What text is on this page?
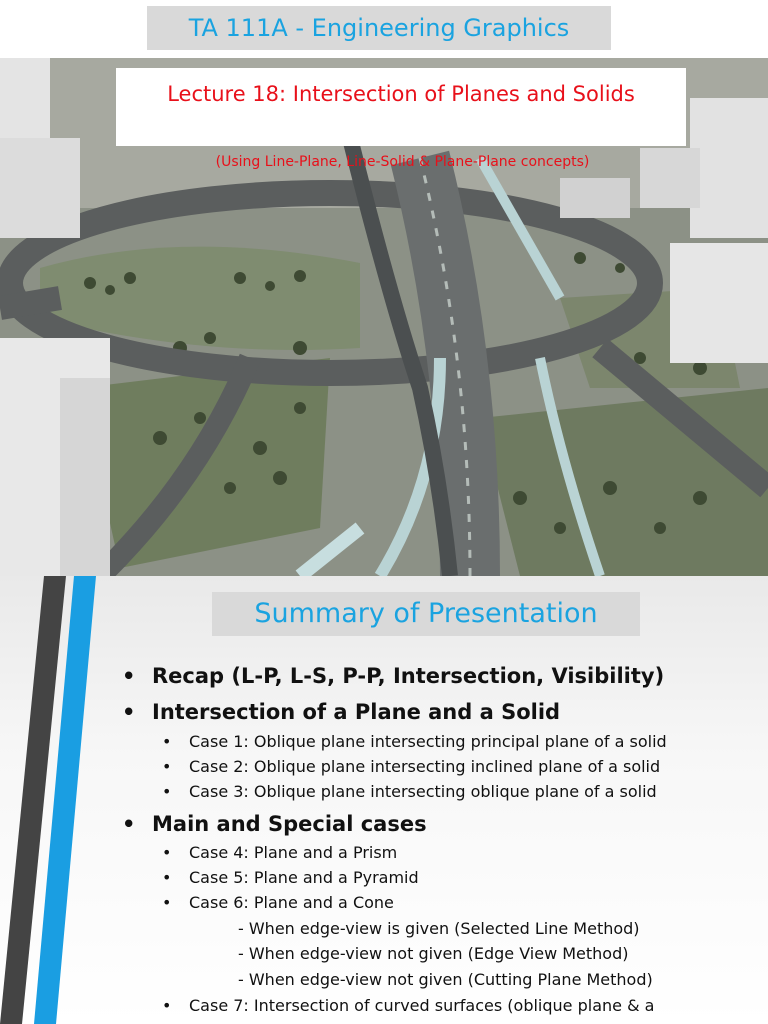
TA 111A - Engineering Graphics
Lecture 18: Intersection of Planes and Solids
(Using Line-Plane, Line-Solid & Plane-Plane concepts)
Summary of Presentation
• Recap (L-P, L-S, P-P, Intersection, Visibility)
• Intersection of a Plane and a Solid
• Case 1: Oblique plane intersecting principal plane of a solid
• Case 2: Oblique plane intersecting inclined plane of a solid
• Case 3: Oblique plane intersecting oblique plane of a solid
• Main and Special cases
• Case 4: Plane and a Prism
• Case 5: Plane and a Pyramid
• Case 6: Plane and a Cone
- When edge-view is given (Selected Line Method)
- When edge-view not given (Edge View Method)
- When edge-view not given (Cutting Plane Method)
• Case 7: Intersection of curved surfaces (oblique plane & a
